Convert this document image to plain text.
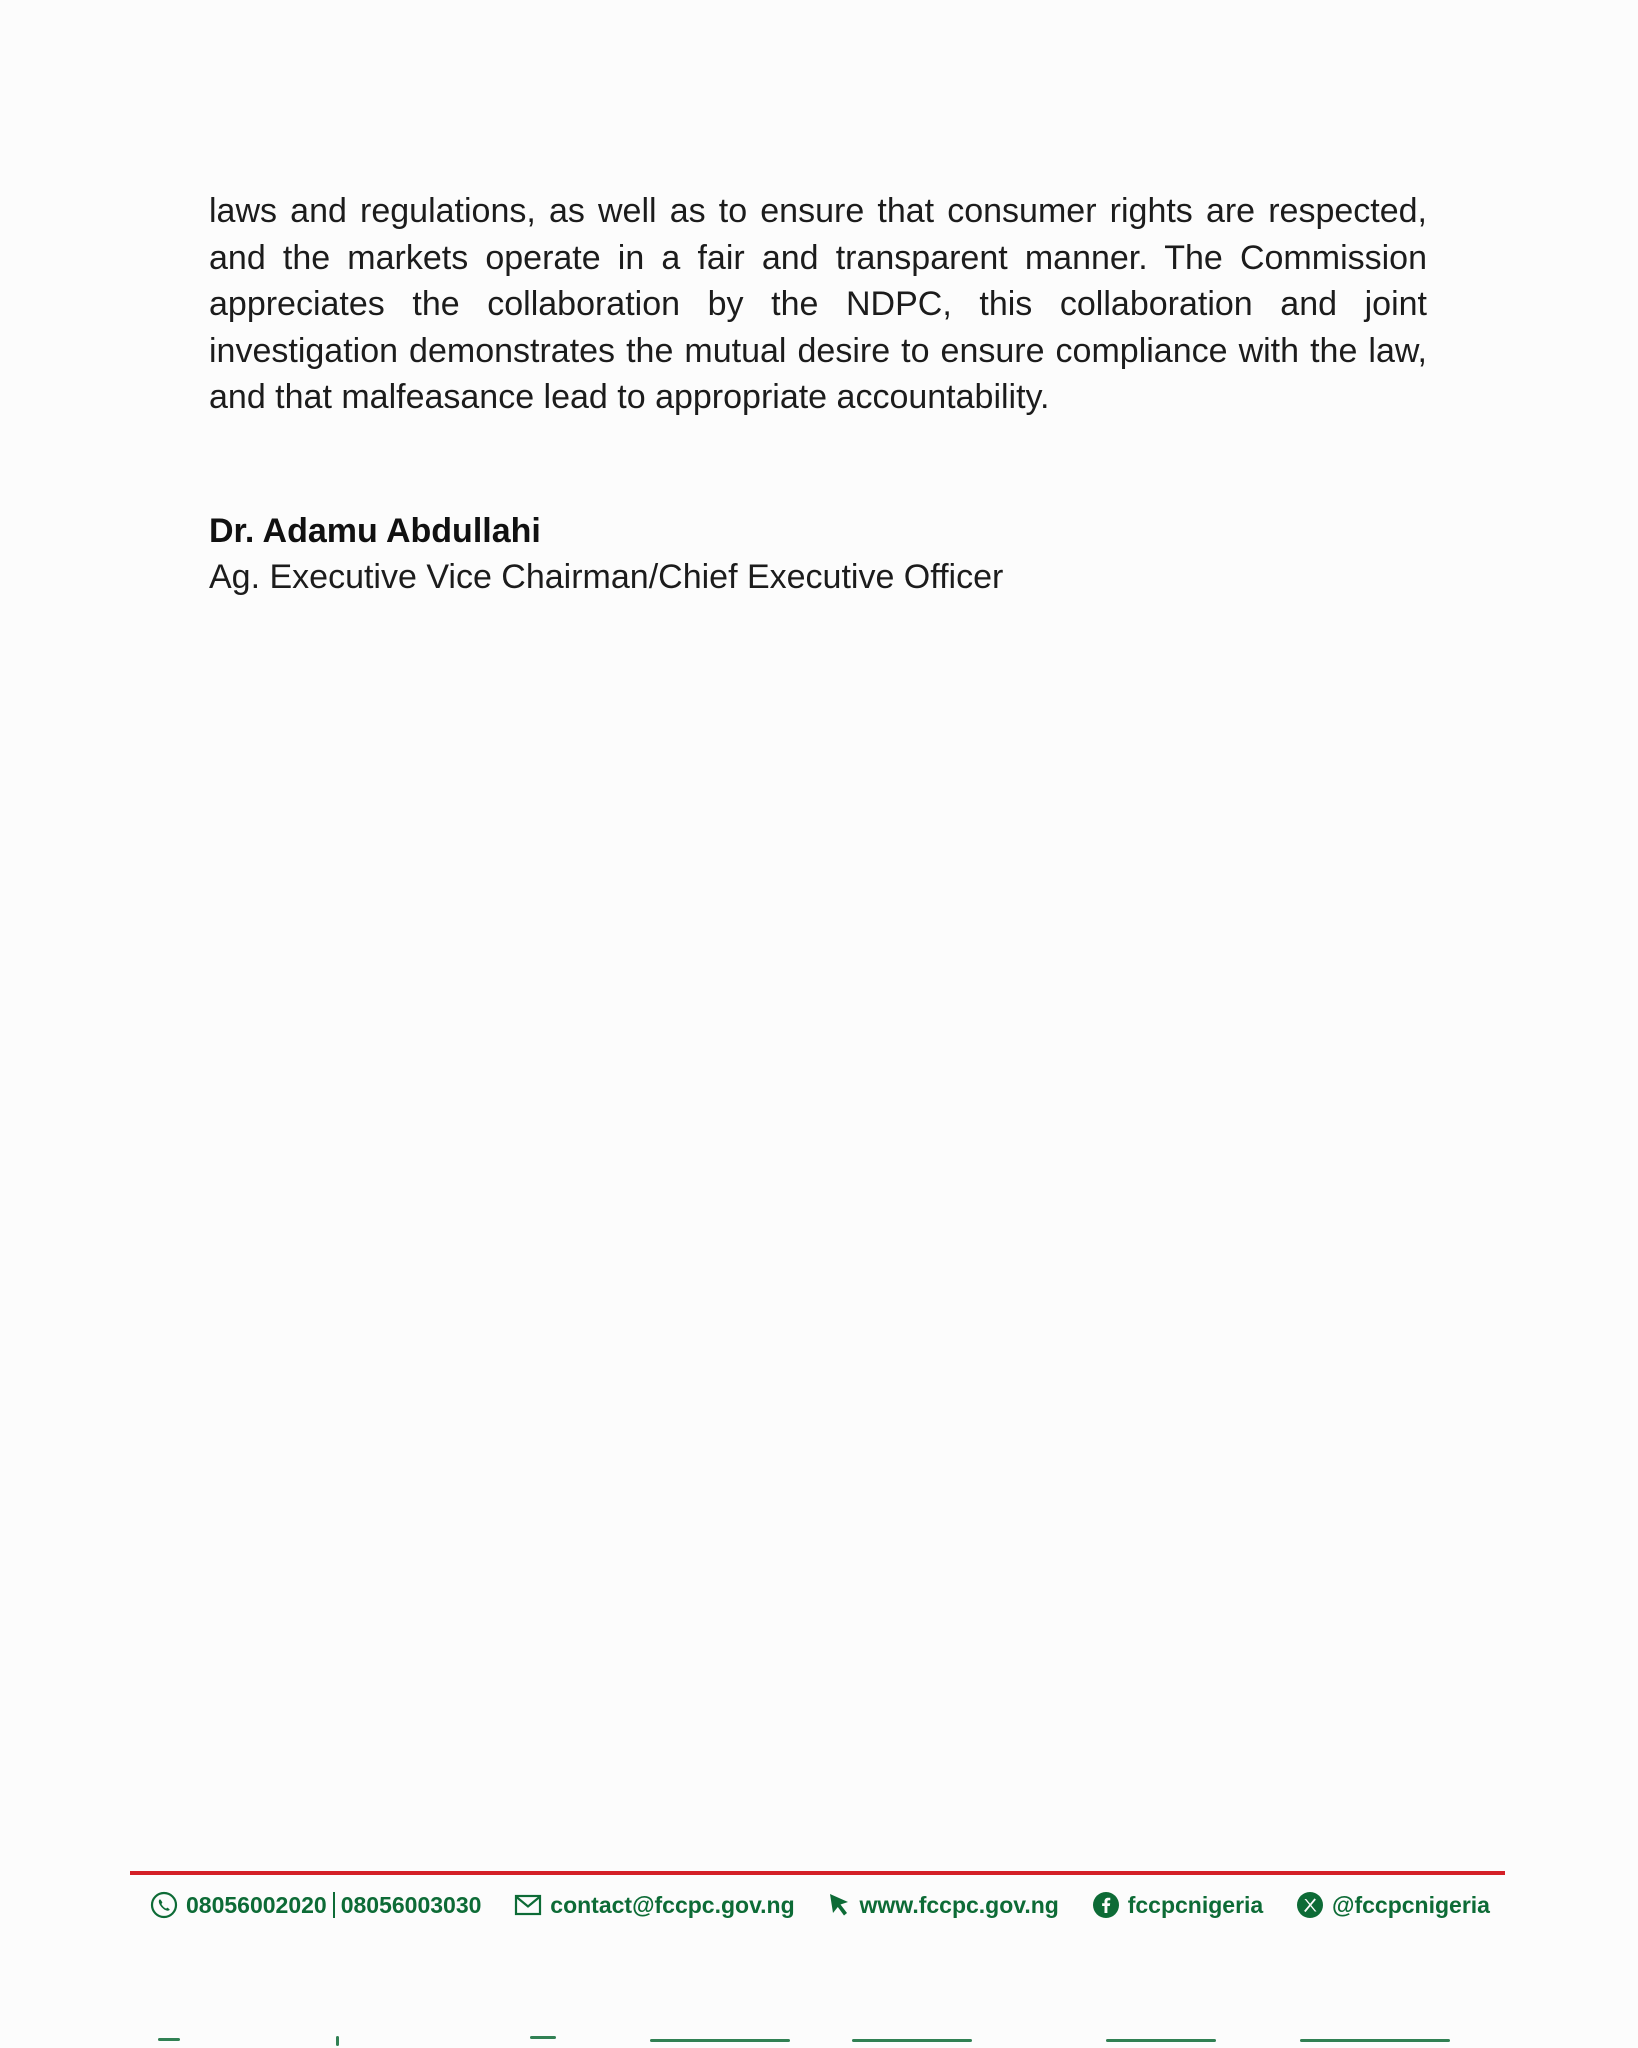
laws and regulations, as well as to ensure that consumer rights are respected, and the markets operate in a fair and transparent manner. The Commission appreciates the collaboration by the NDPC, this collaboration and joint investigation demonstrates the mutual desire to ensure compliance with the law, and that malfeasance lead to appropriate accountability.

Dr. Adamu Abdullahi

Ag. Executive Vice Chairman/Chief Executive Officer

08056002020 08056003030	contact@fccpc.gov.ng	www.fccpc.gov.ng	fccpcnigeria	@fccpcnigeria
